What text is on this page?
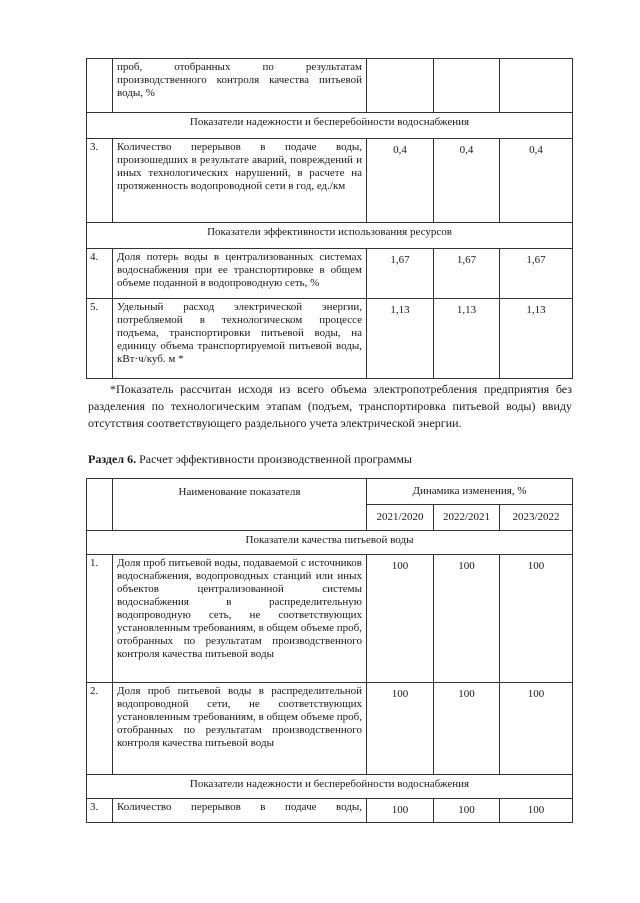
	проб, отобранных по результатам производственного контроля качества питьевой воды, %			
Показатели надежности и бесперебойности водоснабжения				
3.	Количество перерывов в подаче воды, произошедших в результате аварий, повреждений и иных технологических нарушений, в расчете на протяженность водопроводной сети в год, ед./км	0,4	0,4	0,4
Показатели эффективности использования ресурсов				
4.	Доля потерь воды в централизованных системах водоснабжения при ее транспортировке в общем объеме поданной в водопроводную сеть, %	1,67	1,67	1,67
5.	Удельный расход электрической энергии, потребляемой в технологическом процессе подъема, транспортировки питьевой воды, на единицу объема транспортируемой питьевой воды, кВт·ч/куб. м *	1,13	1,13	1,13

*Показатель рассчитан исходя из всего объема электропотребления предприятия без разделения по технологическим этапам (подъем, транспортировка питьевой воды) ввиду отсутствия соответствующего раздельного учета электрической энергии.

Раздел 6. Расчет эффективности производственной программы
	Наименование показателя	Динамика изменения, %		
		2021/2020	2022/2021	2023/2022
Показатели качества питьевой воды				
1.	Доля проб питьевой воды, подаваемой с источников водоснабжения, водопроводных станций или иных объектов централизованной системы водоснабжения в распределительную водопроводную сеть, не соответствующих установленным требованиям, в общем объеме проб, отобранных по результатам производственного контроля качества питьевой воды	100	100	100
2.	Доля проб питьевой воды в распределительной водопроводной сети, не соответствующих установленным требованиям, в общем объеме проб, отобранных по результатам производственного контроля качества питьевой воды	100	100	100
Показатели надежности и бесперебойности водоснабжения				
3.	Количество перерывов в подаче воды,	100	100	100
